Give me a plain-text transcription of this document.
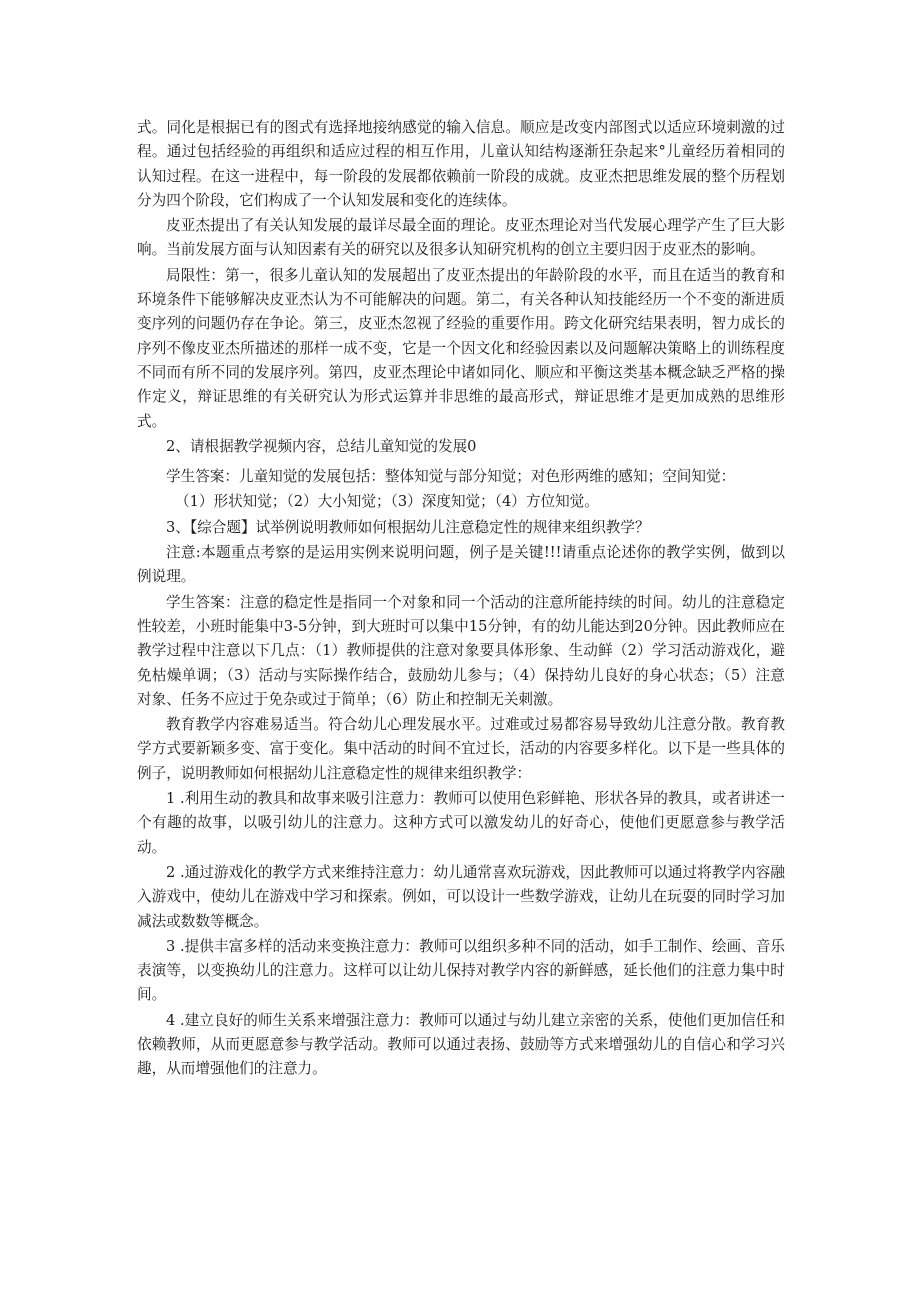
式。同化是根据已有的图式有选择地接纳感觉的输入信息。顺应是改变内部图式以适应环境刺激的过程。通过包括经验的再组织和适应过程的相互作用，儿童认知结构逐渐狂杂起来°儿童经历着相同的认知过程。在这一进程中，每一阶段的发展都依赖前一阶段的成就。皮亚杰把思维发展的整个历程划分为四个阶段，它们构成了一个认知发展和变化的连续体。

皮亚杰提出了有关认知发展的最详尽最全面的理论。皮亚杰理论对当代发展心理学产生了巨大影响。当前发展方面与认知因素有关的研究以及很多认知研究机构的创立主要归因于皮亚杰的影响。

局限性：第一，很多儿童认知的发展超出了皮亚杰提出的年龄阶段的水平，而且在适当的教育和环境条件下能够解决皮亚杰认为不可能解决的问题。第二，有关各种认知技能经历一个不变的渐进质变序列的问题仍存在争论。第三，皮亚杰忽视了经验的重要作用。跨文化研究结果表明，智力成长的序列不像皮亚杰所描述的那样一成不变，它是一个因文化和经验因素以及问题解决策略上的训练程度不同而有所不同的发展序列。第四，皮亚杰理论中诸如同化、顺应和平衡这类基本概念缺乏严格的操作定义，辩证思维的有关研究认为形式运算并非思维的最高形式，辩证思维才是更加成熟的思维形式。

2、请根据教学视频内容，总结儿童知觉的发展0

学生答案：儿童知觉的发展包括：整体知觉与部分知觉；对色形两维的感知；空间知觉：

（1）形状知觉；（2）大小知觉；（3）深度知觉；（4）方位知觉。

3、【综合题】试举例说明教师如何根据幼儿注意稳定性的规律来组织教学？

注意:本题重点考察的是运用实例来说明问题，例子是关键!!!请重点论述你的教学实例，做到以例说理。

学生答案：注意的稳定性是指同一个对象和同一个活动的注意所能持续的时间。幼儿的注意稳定性较差，小班时能集中3-5分钟，到大班时可以集中15分钟，有的幼儿能达到20分钟。因此教师应在教学过程中注意以下几点：（1）教师提供的注意对象要具体形象、生动鲜（2）学习活动游戏化，避免枯燥单调；（3）活动与实际操作结合，鼓励幼儿参与；（4）保持幼儿良好的身心状态；（5）注意对象、任务不应过于免杂或过于简单；（6）防止和控制无关刺激。

教育教学内容难易适当。符合幼儿心理发展水平。过难或过易都容易导致幼儿注意分散。教育教学方式要新颖多变、富于变化。集中活动的时间不宜过长，活动的内容要多样化。以下是一些具体的例子，说明教师如何根据幼儿注意稳定性的规律来组织教学：

1 .利用生动的教具和故事来吸引注意力：教师可以使用色彩鲜艳、形状各异的教具，或者讲述一个有趣的故事，以吸引幼儿的注意力。这种方式可以激发幼儿的好奇心，使他们更愿意参与教学活动。

2 .通过游戏化的教学方式来维持注意力：幼儿通常喜欢玩游戏，因此教师可以通过将教学内容融入游戏中，使幼儿在游戏中学习和探索。例如，可以设计一些数学游戏，让幼儿在玩耍的同时学习加减法或数数等概念。

3 .提供丰富多样的活动来变换注意力：教师可以组织多种不同的活动，如手工制作、绘画、音乐表演等，以变换幼儿的注意力。这样可以让幼儿保持对教学内容的新鲜感，延长他们的注意力集中时间。

4 .建立良好的师生关系来增强注意力：教师可以通过与幼儿建立亲密的关系，使他们更加信任和依赖教师，从而更愿意参与教学活动。教师可以通过表扬、鼓励等方式来增强幼儿的自信心和学习兴趣，从而增强他们的注意力。
